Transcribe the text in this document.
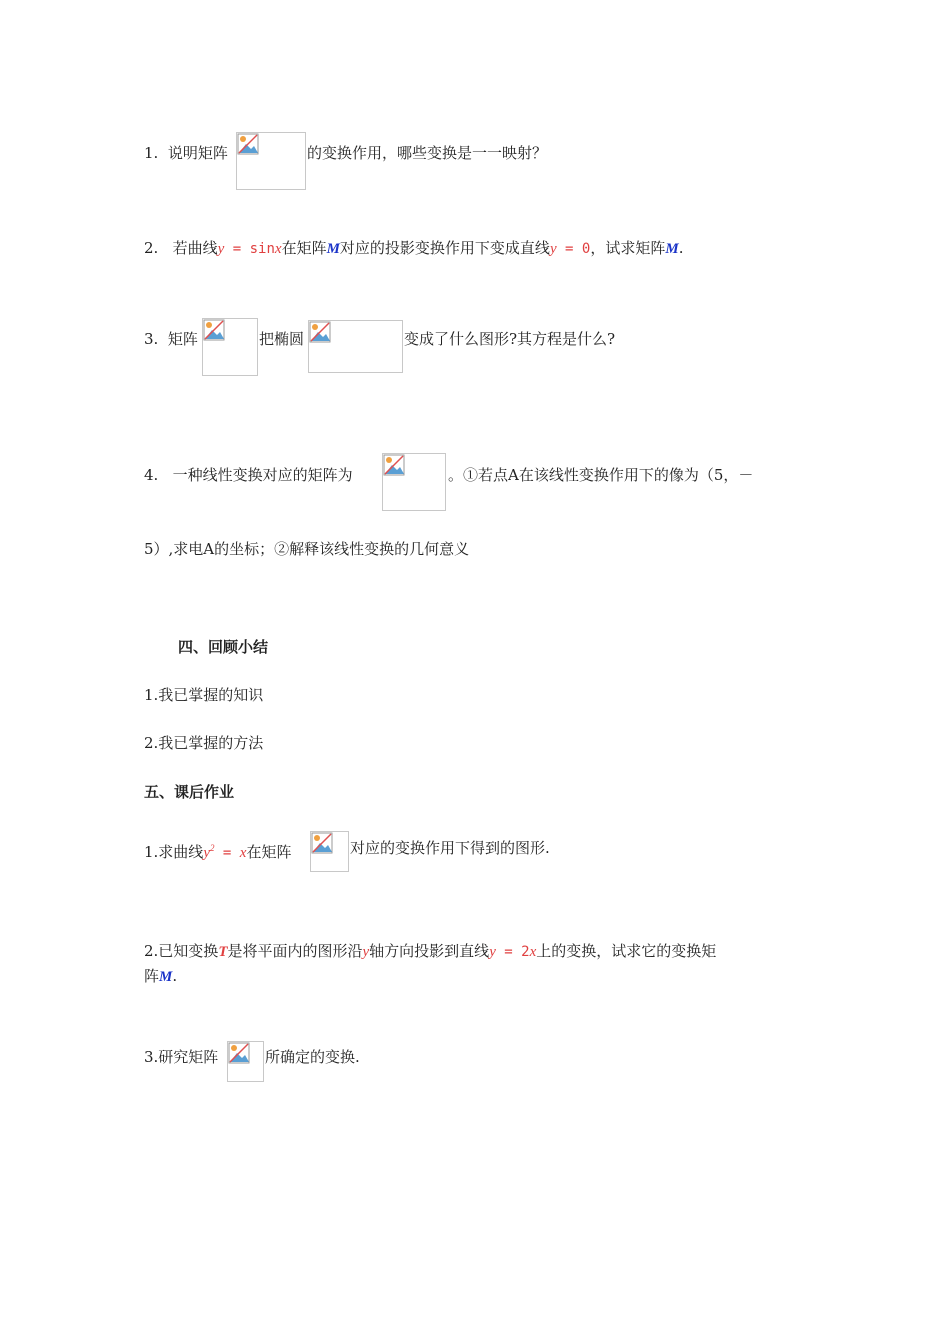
1. 说明矩阵	的变换作用，哪些变换是一一映射？
2. 若曲线y = sinx在矩阵M对应的投影变换作用下变成直线y = 0，试求矩阵M.
3. 矩阵	把椭圆	变成了什么图形?其方程是什么?
4. 一种线性变换对应的矩阵为	。①若点A在该线性变换作用下的像为（5，－
5）,求电A的坐标；②解释该线性变换的几何意义
四、回顾小结
1.我已掌握的知识
2.我已掌握的方法
五、课后作业
1.求曲线$y^2 = x$在矩阵	对应的变换作用下得到的图形.
2.已知变换T是将平面内的图形沿y轴方向投影到直线y = 2x上的变换，试求它的变换矩
阵M.
3.研究矩阵	所确定的变换.
